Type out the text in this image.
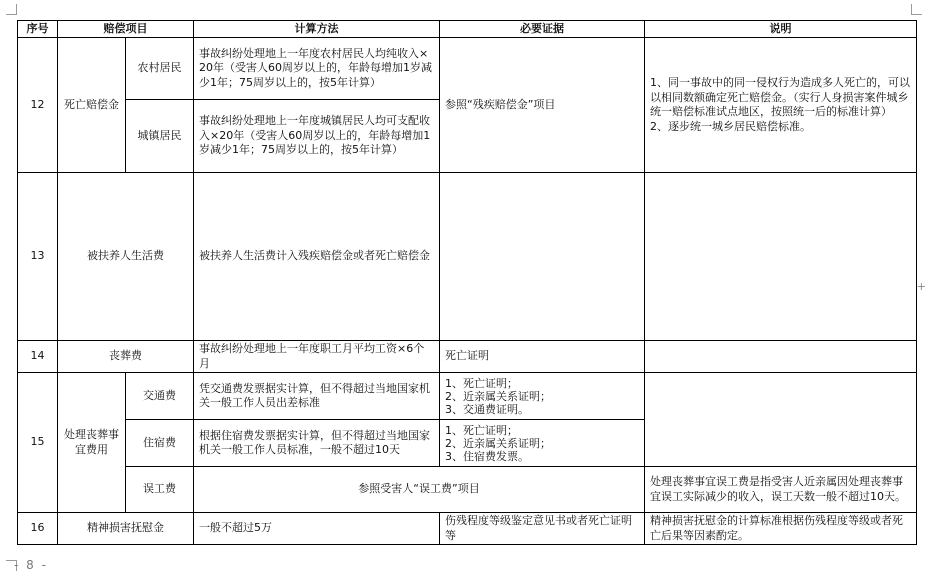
+
序号	赔偿项目		计算方法	必要证据	说明
12	死亡赔偿金	农村居民	事故纠纷处理地上一年度农村居民人均纯收入×20年（受害人60周岁以上的，年龄每增加1岁减少1年；75周岁以上的，按5年计算）	参照“残疾赔偿金”项目	1、同一事故中的同一侵权行为造成多人死亡的，可以以相同数额确定死亡赔偿金。（实行人身损害案件城乡统一赔偿标准试点地区，按照统一后的标准计算）
2、逐步统一城乡居民赔偿标准。
		城镇居民	事故纠纷处理地上一年度城镇居民人均可支配收入×20年（受害人60周岁以上的，年龄每增加1岁减少1年；75周岁以上的，按5年计算）		
13	被扶养人生活费		被扶养人生活费计入残疾赔偿金或者死亡赔偿金		
14	丧葬费		事故纠纷处理地上一年度职工月平均工资×6个月	死亡证明	
15	处理丧葬事宜费用	交通费	凭交通费发票据实计算，但不得超过当地国家机关一般工作人员出差标准	1、死亡证明；
2、近亲属关系证明；
3、交通费证明。	
		住宿费	根据住宿费发票据实计算，但不得超过当地国家机关一般工作人员标准，一般不超过10天	1、死亡证明；
2、近亲属关系证明；
3、住宿费发票。	
		误工费	参照受害人“误工费”项目		处理丧葬事宜误工费是指受害人近亲属因处理丧葬事宜误工实际减少的收入，误工天数一般不超过10天。
16	精神损害抚慰金		一般不超过5万	伤残程度等级鉴定意见书或者死亡证明等	精神损害抚慰金的计算标准根据伤残程度等级或者死亡后果等因素酌定。
- 8 -
